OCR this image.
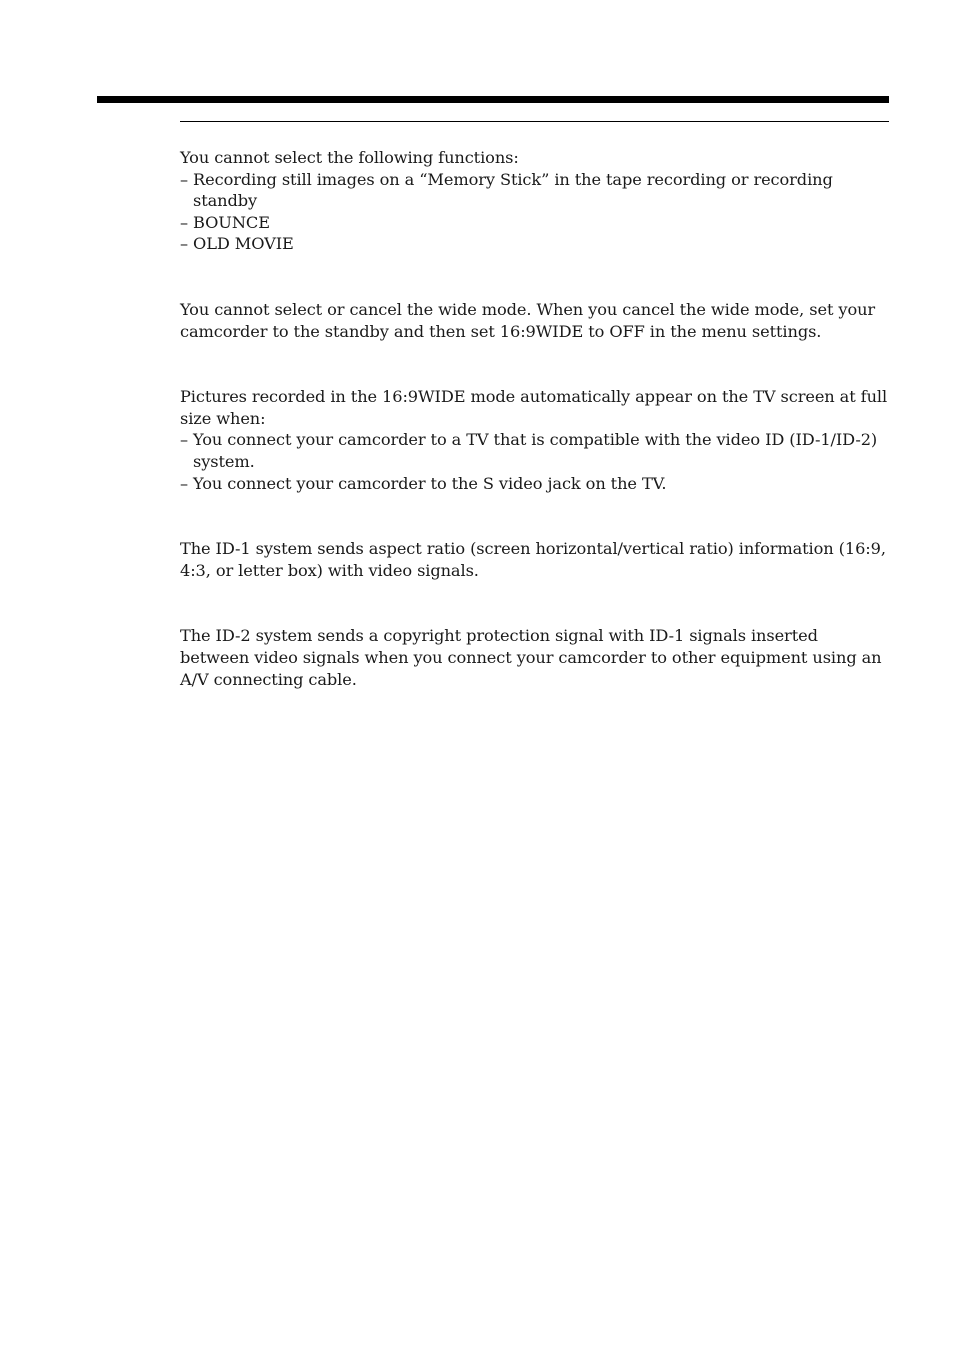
You cannot select the following functions:

– Recording still images on a “Memory Stick” in the tape recording or recording standby

– BOUNCE

– OLD MOVIE

You cannot select or cancel the wide mode. When you cancel the wide mode, set your camcorder to the standby and then set 16:9WIDE to OFF in the menu settings.

Pictures recorded in the 16:9WIDE mode automatically appear on the TV screen at full size when:

– You connect your camcorder to a TV that is compatible with the video ID (ID-1/ID-2) system.

– You connect your camcorder to the S video jack on the TV.

The ID-1 system sends aspect ratio (screen horizontal/vertical ratio) information (16:9, 4:3, or letter box) with video signals.

The ID-2 system sends a copyright protection signal with ID-1 signals inserted between video signals when you connect your camcorder to other equipment using an A/V connecting cable.
